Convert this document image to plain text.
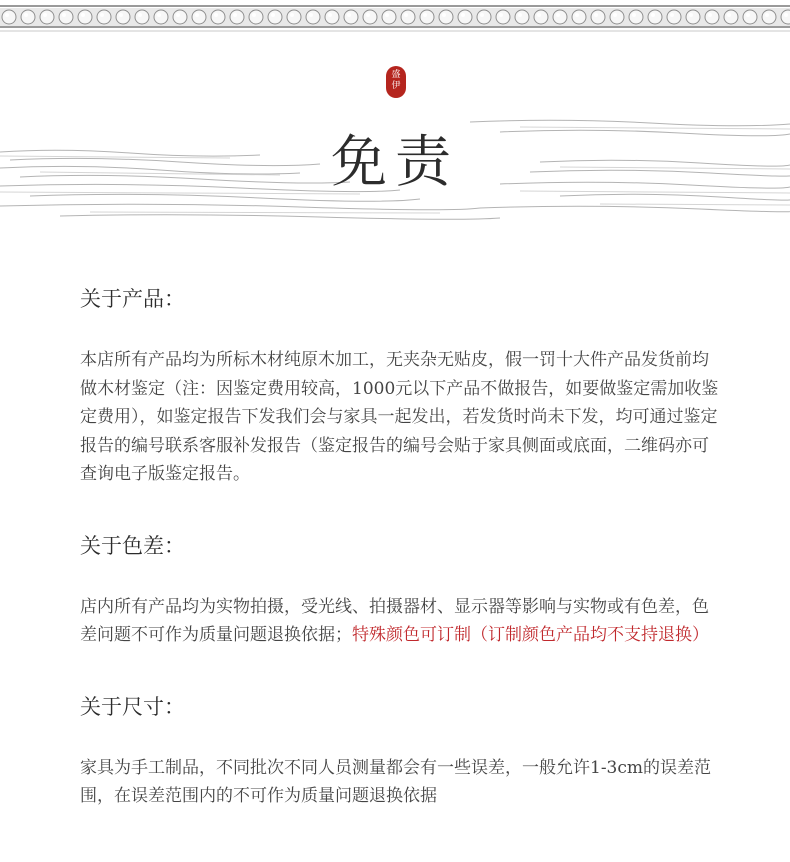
免责
盛
伊

关于产品：

本店所有产品均为所标木材纯原木加工，无夹杂无贴皮，假一罚十大件产品发货前均做木材鉴定（注：因鉴定费用较高，1000元以下产品不做报告，如要做鉴定需加收鉴定费用），如鉴定报告下发我们会与家具一起发出，若发货时尚未下发，均可通过鉴定报告的编号联系客服补发报告（鉴定报告的编号会贴于家具侧面或底面，二维码亦可查询电子版鉴定报告。

关于色差：

店内所有产品均为实物拍摄，受光线、拍摄器材、显示器等影响与实物或有色差，色差问题不可作为质量问题退换依据；特殊颜色可订制（订制颜色产品均不支持退换）

关于尺寸：

家具为手工制品，不同批次不同人员测量都会有一些误差，一般允许1-3cm的误差范围，在误差范围内的不可作为质量问题退换依据
